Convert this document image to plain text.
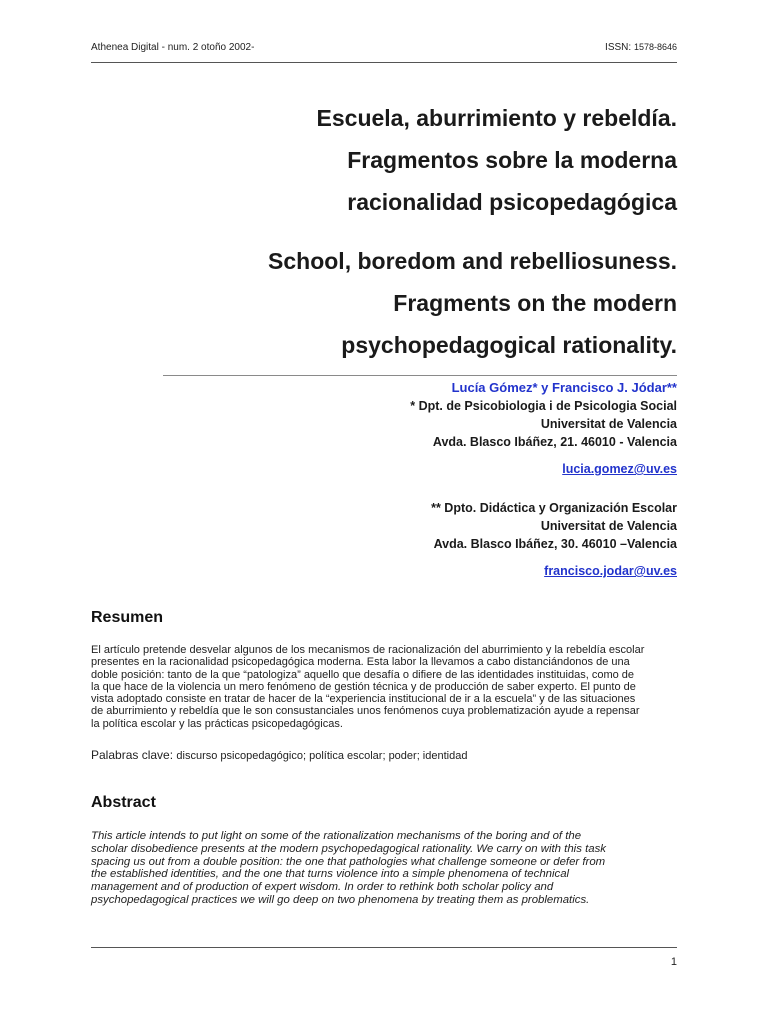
Athenea Digital - num. 2 otoño 2002-	ISSN: 1578-8646
Escuela, aburrimiento y rebeldía.
Fragmentos sobre la moderna
racionalidad psicopedagógica
School, boredom and rebelliosuness.
Fragments on the modern
psychopedagogical rationality.
Lucía Gómez* y Francisco J. Jódar**
* Dpt. de Psicobiologia i de Psicologia Social
Universitat de Valencia
Avda. Blasco Ibáñez, 21. 46010 - Valencia
lucia.gomez@uv.es
** Dpto. Didáctica y Organización Escolar
Universitat de Valencia
Avda. Blasco Ibáñez, 30. 46010 –Valencia
francisco.jodar@uv.es
Resumen
El artículo pretende desvelar algunos de los mecanismos de racionalización del aburrimiento y la rebeldía escolar
presentes en la racionalidad psicopedagógica moderna. Esta labor la llevamos a cabo distanciándonos de una
doble posición: tanto de la que “patologiza” aquello que desafía o difiere de las identidades instituidas, como de
la que hace de la violencia un mero fenómeno de gestión técnica y de producción de saber experto. El punto de
vista adoptado consiste en tratar de hacer de la “experiencia institucional de ir a la escuela” y de las situaciones
de aburrimiento y rebeldía que le son consustanciales unos fenómenos cuya problematización ayude a repensar
la política escolar y las prácticas psicopedagógicas.
Palabras clave: discurso psicopedagógico; política escolar; poder; identidad
Abstract
This article intends to put light on some of the rationalization mechanisms of the boring and of the
scholar disobedience presents at the modern psychopedagogical rationality. We carry on with this task
spacing us out from a double position: the one that pathologies what challenge someone or defer from
the established identities, and the one that turns violence into a simple phenomena of technical
management and of production of expert wisdom. In order to rethink both scholar policy and
psychopedagogical practices we will go deep on two phenomena by treating them as problematics.
1
